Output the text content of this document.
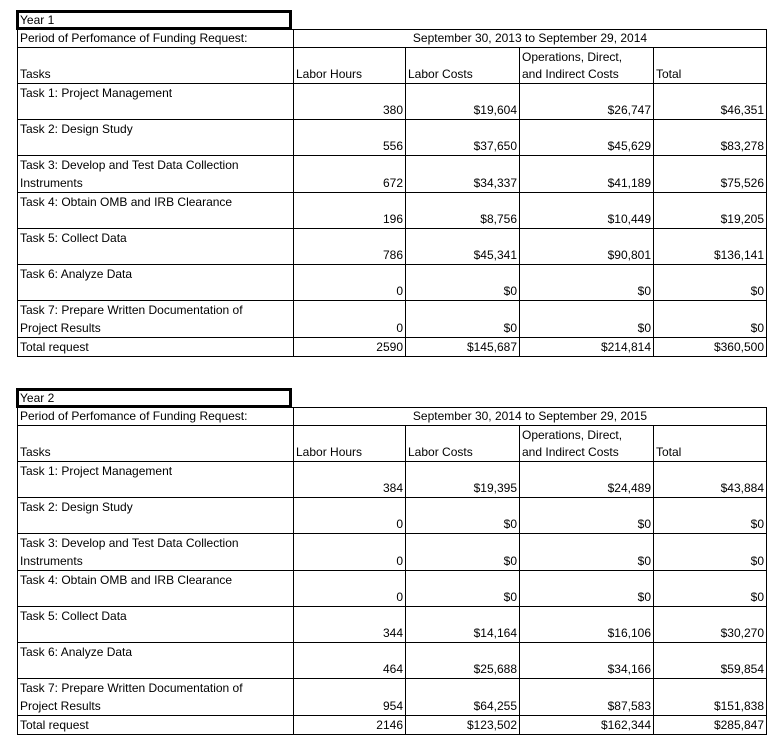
Year 1
Period of Perfomance of Funding Request:	September 30, 2013 to September 29, 2014			
Tasks	Labor Hours	Labor Costs	Operations, Direct,
and Indirect Costs	Total

Task 1: Project Management	380	$19,604	$26,747	$46,351

Task 2: Design Study	556	$37,650	$45,629	$83,278

Task 3: Develop and Test Data Collection
Instruments	672	$34,337	$41,189	$75,526

Task 4: Obtain OMB and IRB Clearance	196	$8,756	$10,449	$19,205

Task 5: Collect Data	786	$45,341	$90,801	$136,141

Task 6: Analyze Data	0	$0	$0	$0

Task 7: Prepare Written Documentation of
Project Results	0	$0	$0	$0
Total request	2590	$145,687	$214,814	$360,500
Year 2
Period of Perfomance of Funding Request:	September 30, 2014 to September 29, 2015			
Tasks	Labor Hours	Labor Costs	Operations, Direct,
and Indirect Costs	Total

Task 1: Project Management	384	$19,395	$24,489	$43,884

Task 2: Design Study	0	$0	$0	$0

Task 3: Develop and Test Data Collection
Instruments	0	$0	$0	$0

Task 4: Obtain OMB and IRB Clearance	0	$0	$0	$0

Task 5: Collect Data	344	$14,164	$16,106	$30,270

Task 6: Analyze Data	464	$25,688	$34,166	$59,854

Task 7: Prepare Written Documentation of
Project Results	954	$64,255	$87,583	$151,838
Total request	2146	$123,502	$162,344	$285,847
